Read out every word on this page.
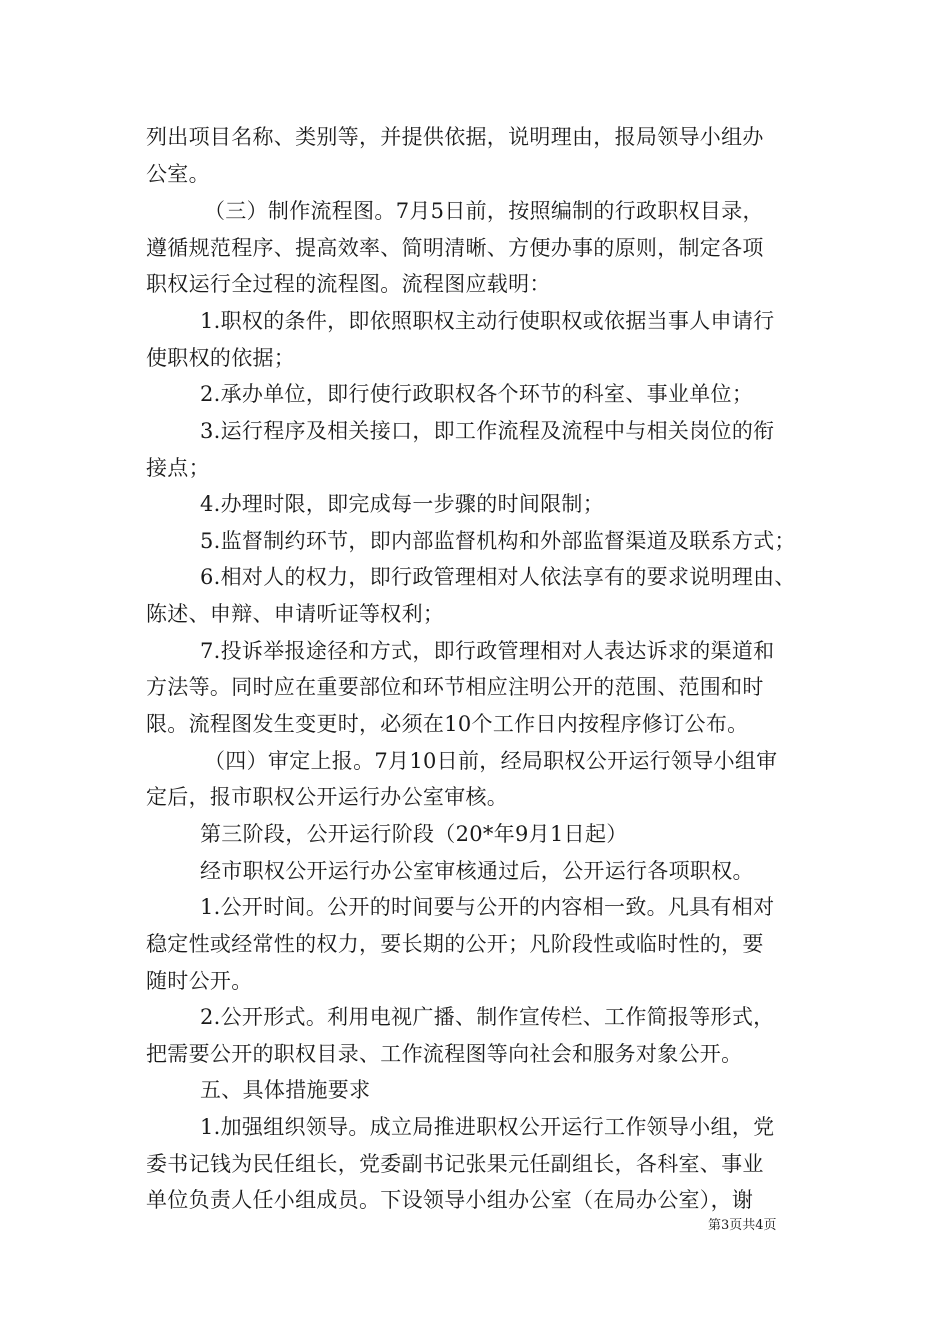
列出项目名称、类别等，并提供依据，说明理由，报局领导小组办
公室。
（三）制作流程图。7月5日前，按照编制的行政职权目录，
遵循规范程序、提高效率、简明清晰、方便办事的原则，制定各项
职权运行全过程的流程图。流程图应载明：
1.职权的条件，即依照职权主动行使职权或依据当事人申请行
使职权的依据；
2.承办单位，即行使行政职权各个环节的科室、事业单位；
3.运行程序及相关接口，即工作流程及流程中与相关岗位的衔
接点；
4.办理时限，即完成每一步骤的时间限制；
5.监督制约环节，即内部监督机构和外部监督渠道及联系方式；
6.相对人的权力，即行政管理相对人依法享有的要求说明理由、
陈述、申辩、申请听证等权利；
7.投诉举报途径和方式，即行政管理相对人表达诉求的渠道和
方法等。同时应在重要部位和环节相应注明公开的范围、范围和时
限。流程图发生变更时，必须在10个工作日内按程序修订公布。
（四）审定上报。7月10日前，经局职权公开运行领导小组审
定后，报市职权公开运行办公室审核。
第三阶段，公开运行阶段（20*年9月1日起）
经市职权公开运行办公室审核通过后，公开运行各项职权。
1.公开时间。公开的时间要与公开的内容相一致。凡具有相对
稳定性或经常性的权力，要长期的公开；凡阶段性或临时性的，要
随时公开。
2.公开形式。利用电视广播、制作宣传栏、工作简报等形式，
把需要公开的职权目录、工作流程图等向社会和服务对象公开。
五、具体措施要求
1.加强组织领导。成立局推进职权公开运行工作领导小组，党
委书记钱为民任组长，党委副书记张果元任副组长，各科室、事业
单位负责人任小组成员。下设领导小组办公室（在局办公室），谢
第3页共4页
